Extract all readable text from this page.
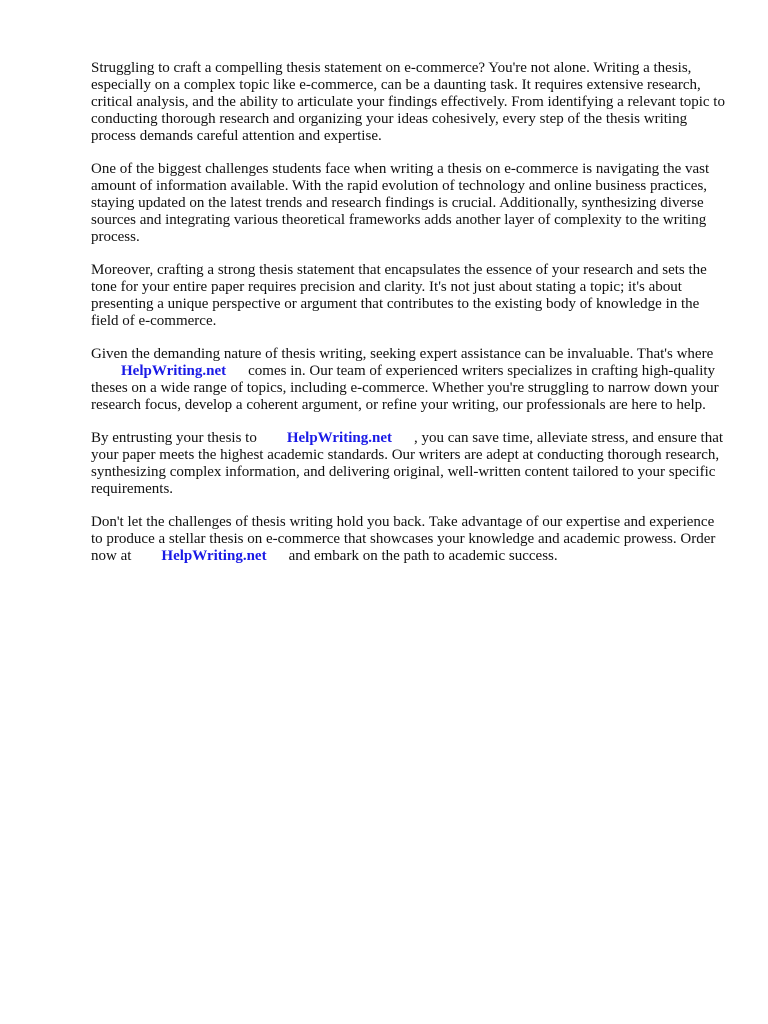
Struggling to craft a compelling thesis statement on e-commerce? You're not alone. Writing a thesis, especially on a complex topic like e-commerce, can be a daunting task. It requires extensive research, critical analysis, and the ability to articulate your findings effectively. From identifying a relevant topic to conducting thorough research and organizing your ideas cohesively, every step of the thesis writing process demands careful attention and expertise.

One of the biggest challenges students face when writing a thesis on e-commerce is navigating the vast amount of information available. With the rapid evolution of technology and online business practices, staying updated on the latest trends and research findings is crucial. Additionally, synthesizing diverse sources and integrating various theoretical frameworks adds another layer of complexity to the writing process.

Moreover, crafting a strong thesis statement that encapsulates the essence of your research and sets the tone for your entire paper requires precision and clarity. It's not just about stating a topic; it's about presenting a unique perspective or argument that contributes to the existing body of knowledge in the field of e-commerce.

Given the demanding nature of thesis writing, seeking expert assistance can be invaluable. That's whereHelpWriting.net comes in. Our team of experienced writers specializes in crafting high-quality theses on a wide range of topics, including e-commerce. Whether you're struggling to narrow down your research focus, develop a coherent argument, or refine your writing, our professionals are here to help.

By entrusting your thesis to HelpWriting.net , you can save time, alleviate stress, and ensure that your paper meets the highest academic standards. Our writers are adept at conducting thorough research, synthesizing complex information, and delivering original, well-written content tailored to your specific requirements.

Don't let the challenges of thesis writing hold you back. Take advantage of our expertise and experience to produce a stellar thesis on e-commerce that showcases your knowledge and academic prowess. Order now at HelpWriting.net and embark on the path to academic success.
